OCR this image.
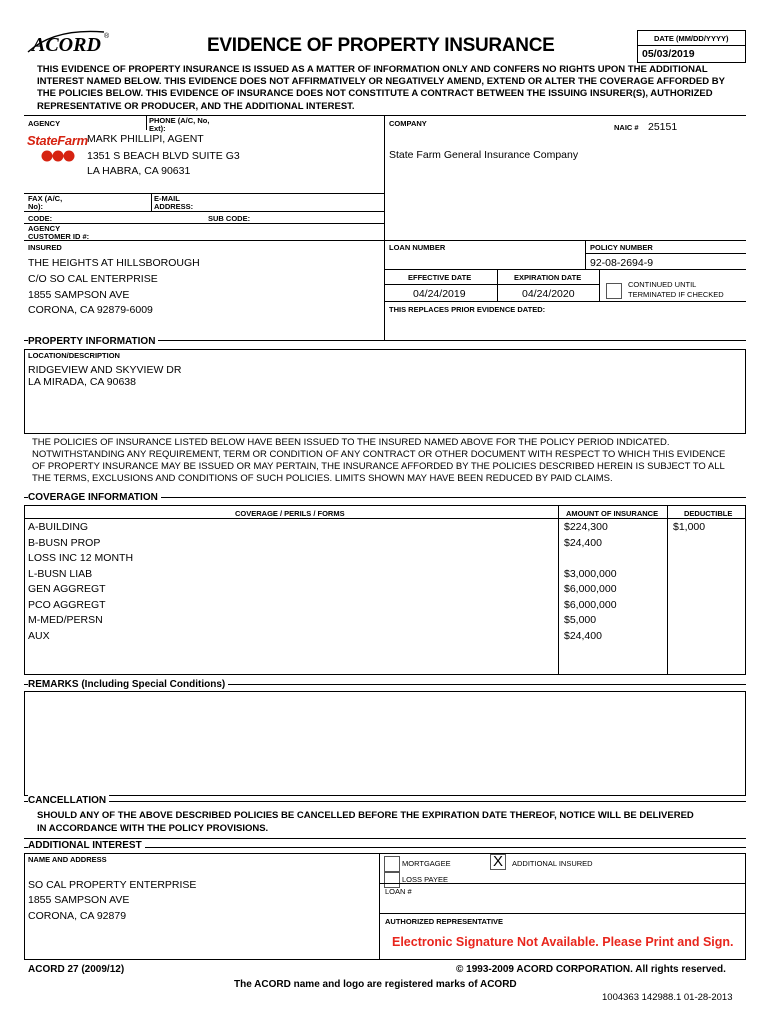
ACORD ®	EVIDENCE OF PROPERTY INSURANCE	DATE (MM/DD/YYYY)
05/03/2019
THIS EVIDENCE OF PROPERTY INSURANCE IS ISSUED AS A MATTER OF INFORMATION ONLY AND CONFERS NO RIGHTS UPON THE ADDITIONAL INTEREST NAMED BELOW. THIS EVIDENCE DOES NOT AFFIRMATIVELY OR NEGATIVELY AMEND, EXTEND OR ALTER THE COVERAGE AFFORDED BY THE POLICIES BELOW. THIS EVIDENCE OF INSURANCE DOES NOT CONSTITUTE A CONTRACT BETWEEN THE ISSUING INSURER(S), AUTHORIZED REPRESENTATIVE OR PRODUCER, AND THE ADDITIONAL INTEREST.
AGENCY	PHONE (A/C, No, Ext):
StateFarm MARK PHILLIPI, AGENT
1351 S BEACH BLVD SUITE G3
LA HABRA, CA 90631
FAX (A/C, No):
E-MAIL ADDRESS:
CODE:	SUB CODE:
AGENCY CUSTOMER ID #:
COMPANY	NAIC # 25151
State Farm General Insurance Company
INSURED
THE HEIGHTS AT HILLSBOROUGH
C/O SO CAL ENTERPRISE
1855 SAMPSON AVE
CORONA, CA 92879-6009
LOAN NUMBER	POLICY NUMBER
92-08-2694-9
EFFECTIVE DATE	EXPIRATION DATE
04/24/2019	04/24/2020
CONTINUED UNTIL
TERMINATED IF CHECKED
THIS REPLACES PRIOR EVIDENCE DATED:
PROPERTY INFORMATION
LOCATION/DESCRIPTION
RIDGEVIEW AND SKYVIEW DR
LA MIRADA, CA 90638
THE POLICIES OF INSURANCE LISTED BELOW HAVE BEEN ISSUED TO THE INSURED NAMED ABOVE FOR THE POLICY PERIOD INDICATED. NOTWITHSTANDING ANY REQUIREMENT, TERM OR CONDITION OF ANY CONTRACT OR OTHER DOCUMENT WITH RESPECT TO WHICH THIS EVIDENCE OF PROPERTY INSURANCE MAY BE ISSUED OR MAY PERTAIN, THE INSURANCE AFFORDED BY THE POLICIES DESCRIBED HEREIN IS SUBJECT TO ALL THE TERMS, EXCLUSIONS AND CONDITIONS OF SUCH POLICIES. LIMITS SHOWN MAY HAVE BEEN REDUCED BY PAID CLAIMS.
COVERAGE INFORMATION
COVERAGE / PERILS / FORMS	AMOUNT OF INSURANCE	DEDUCTIBLE
A-BUILDING	$224,300	$1,000
B-BUSN PROP	$24,400
LOSS INC 12 MONTH
L-BUSN LIAB	$3,000,000
GEN AGGREGT	$6,000,000
PCO AGGREGT	$6,000,000
M-MED/PERSN	$5,000
AUX	$24,400
REMARKS (Including Special Conditions)
CANCELLATION
SHOULD ANY OF THE ABOVE DESCRIBED POLICIES BE CANCELLED BEFORE THE EXPIRATION DATE THEREOF, NOTICE WILL BE DELIVERED IN ACCORDANCE WITH THE POLICY PROVISIONS.
ADDITIONAL INTEREST
NAME AND ADDRESS
SO CAL PROPERTY ENTERPRISE
1855 SAMPSON AVE
CORONA, CA 92879
MORTGAGEE	X	ADDITIONAL INSURED
LOSS PAYEE
LOAN #
AUTHORIZED REPRESENTATIVE
Electronic Signature Not Available. Please Print and Sign.
ACORD 27 (2009/12)	© 1993-2009 ACORD CORPORATION. All rights reserved.
The ACORD name and logo are registered marks of ACORD
1004363 142988.1 01-28-2013
